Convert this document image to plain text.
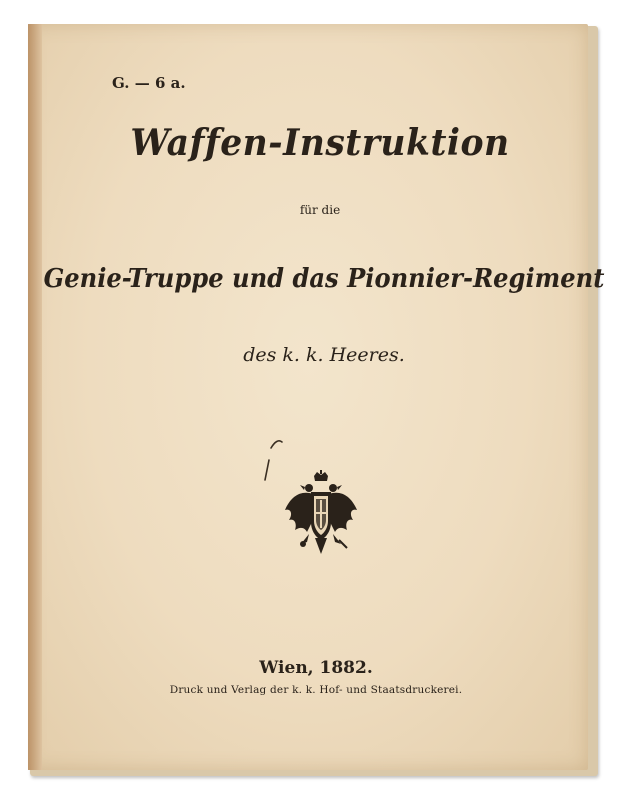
G. — 6 a.
Waffen-Instruktion
für die
Genie-Truppe und das Pionnier-Regiment
des k. k. Heeres.
Wien, 1882.
Druck und Verlag der k. k. Hof- und Staatsdruckerei.
